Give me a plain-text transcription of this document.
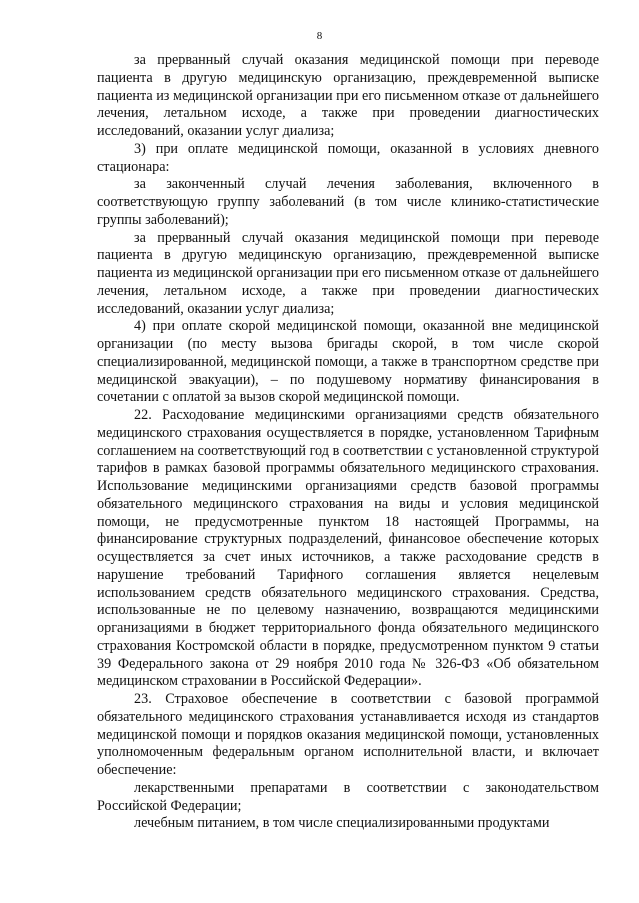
8

за прерванный случай оказания медицинской помощи при переводе пациента в другую медицинскую организацию, преждевременной выписке пациента из медицинской организации при его письменном отказе от дальнейшего лечения, летальном исходе, а также при проведении диагностических исследований, оказании услуг диализа;

3) при оплате медицинской помощи, оказанной в условиях дневного стационара:

за законченный случай лечения заболевания, включенного в соответствующую группу заболеваний (в том числе клинико-статистические группы заболеваний);

за прерванный случай оказания медицинской помощи при переводе пациента в другую медицинскую организацию, преждевременной выписке пациента из медицинской организации при его письменном отказе от дальнейшего лечения, летальном исходе, а также при проведении диагностических исследований, оказании услуг диализа;

4) при оплате скорой медицинской помощи, оказанной вне медицинской организации (по месту вызова бригады скорой, в том числе скорой специализированной, медицинской помощи, а также в транспортном средстве при медицинской эвакуации), – по подушевому нормативу финансирования в сочетании с оплатой за вызов скорой медицинской помощи.

22. Расходование медицинскими организациями средств обязательного медицинского страхования осуществляется в порядке, установленном Тарифным соглашением на соответствующий год в соответствии с установленной структурой тарифов в рамках базовой программы обязательного медицинского страхования. Использование медицинскими организациями средств базовой программы обязательного медицинского страхования на виды и условия медицинской помощи, не предусмотренные пунктом 18 настоящей Программы, на финансирование структурных подразделений, финансовое обеспечение которых осуществляется за счет иных источников, а также расходование средств в нарушение требований Тарифного соглашения является нецелевым использованием средств обязательного медицинского страхования. Средства, использованные не по целевому назначению, возвращаются медицинскими организациями в бюджет территориального фонда обязательного медицинского страхования Костромской области в порядке, предусмотренном пунктом 9 статьи 39 Федерального закона от 29 ноября 2010 года № 326-ФЗ «Об обязательном медицинском страховании в Российской Федерации».

23. Страховое обеспечение в соответствии с базовой программой обязательного медицинского страхования устанавливается исходя из стандартов медицинской помощи и порядков оказания медицинской помощи, установленных уполномоченным федеральным органом исполнительной власти, и включает обеспечение:

лекарственными препаратами в соответствии с законодательством Российской Федерации;

лечебным питанием, в том числе специализированными продуктами
